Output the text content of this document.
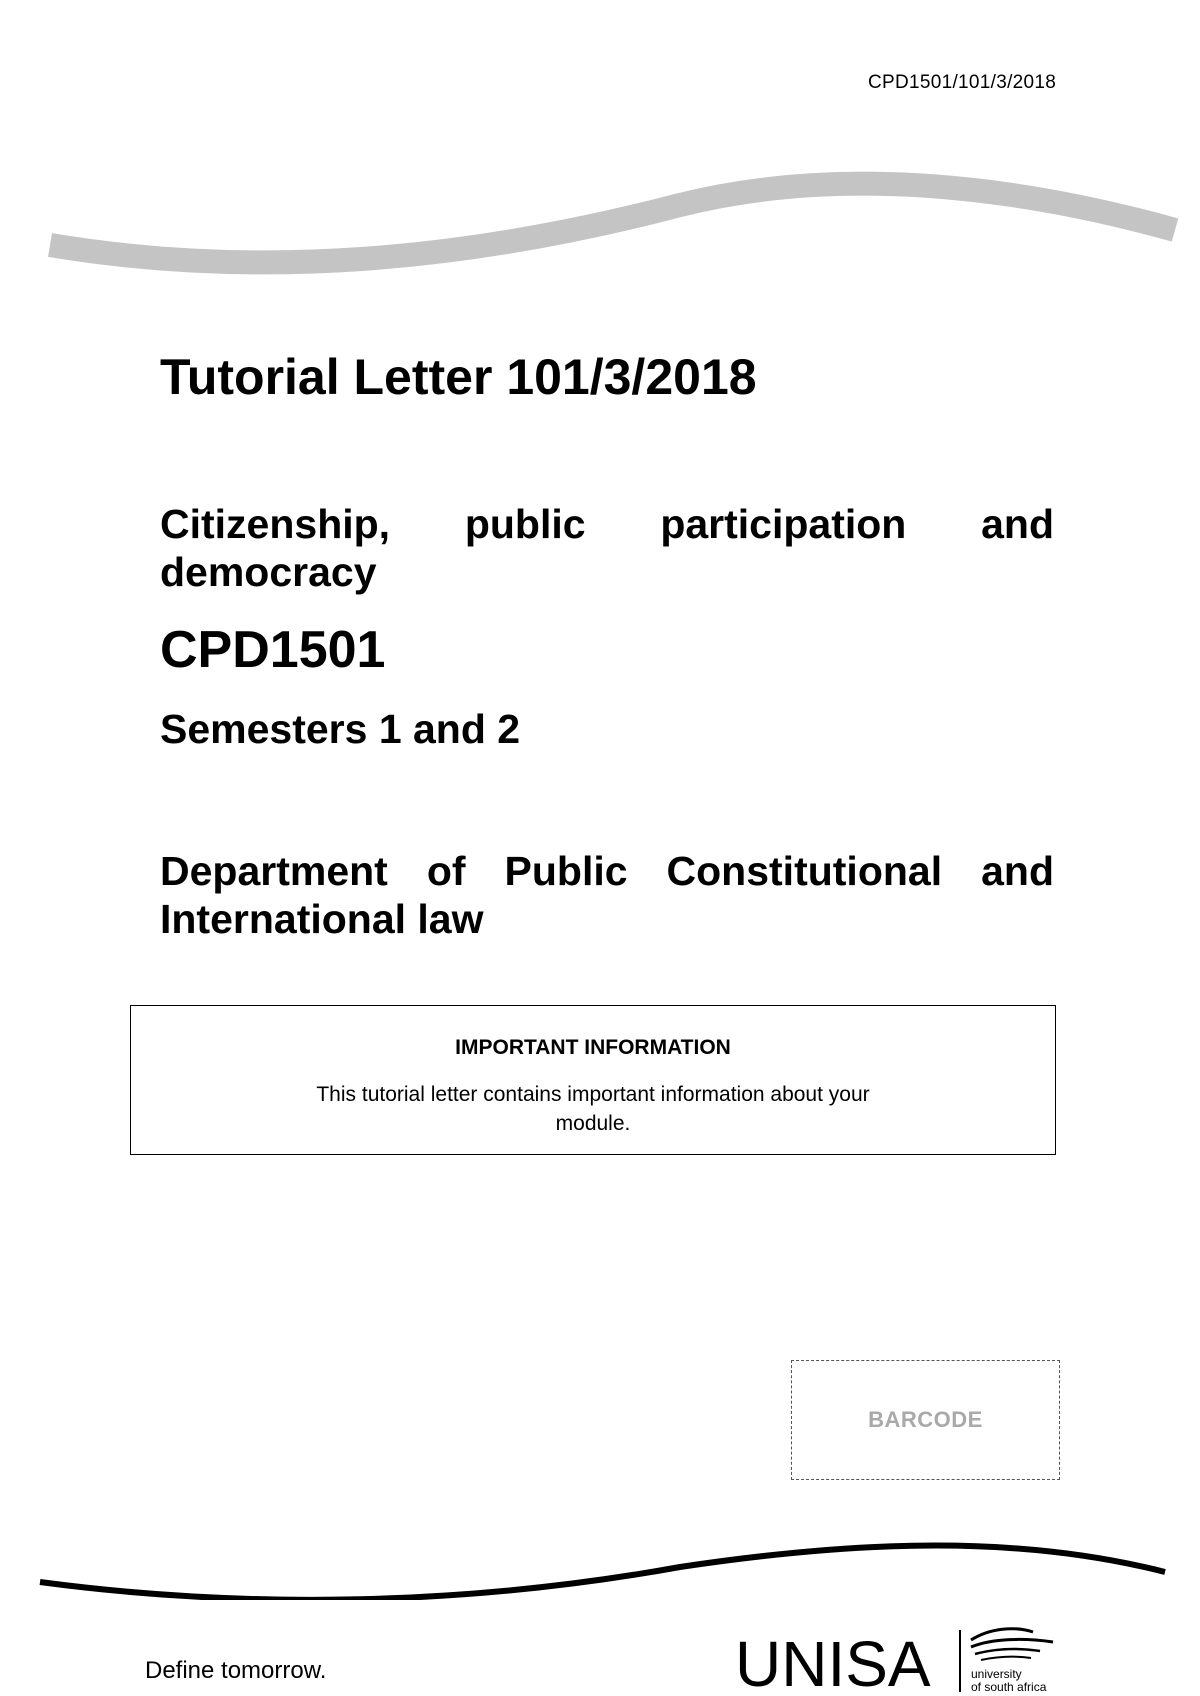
CPD1501/101/3/2018
Tutorial Letter 101/3/2018

Citizenship, public participation and democracy

CPD1501

Semesters 1 and 2

Department of Public Constitutional and International law

IMPORTANT INFORMATION
This tutorial letter contains important information about your module.
BARCODE
Define tomorrow.	UNISA	university
of south africa
